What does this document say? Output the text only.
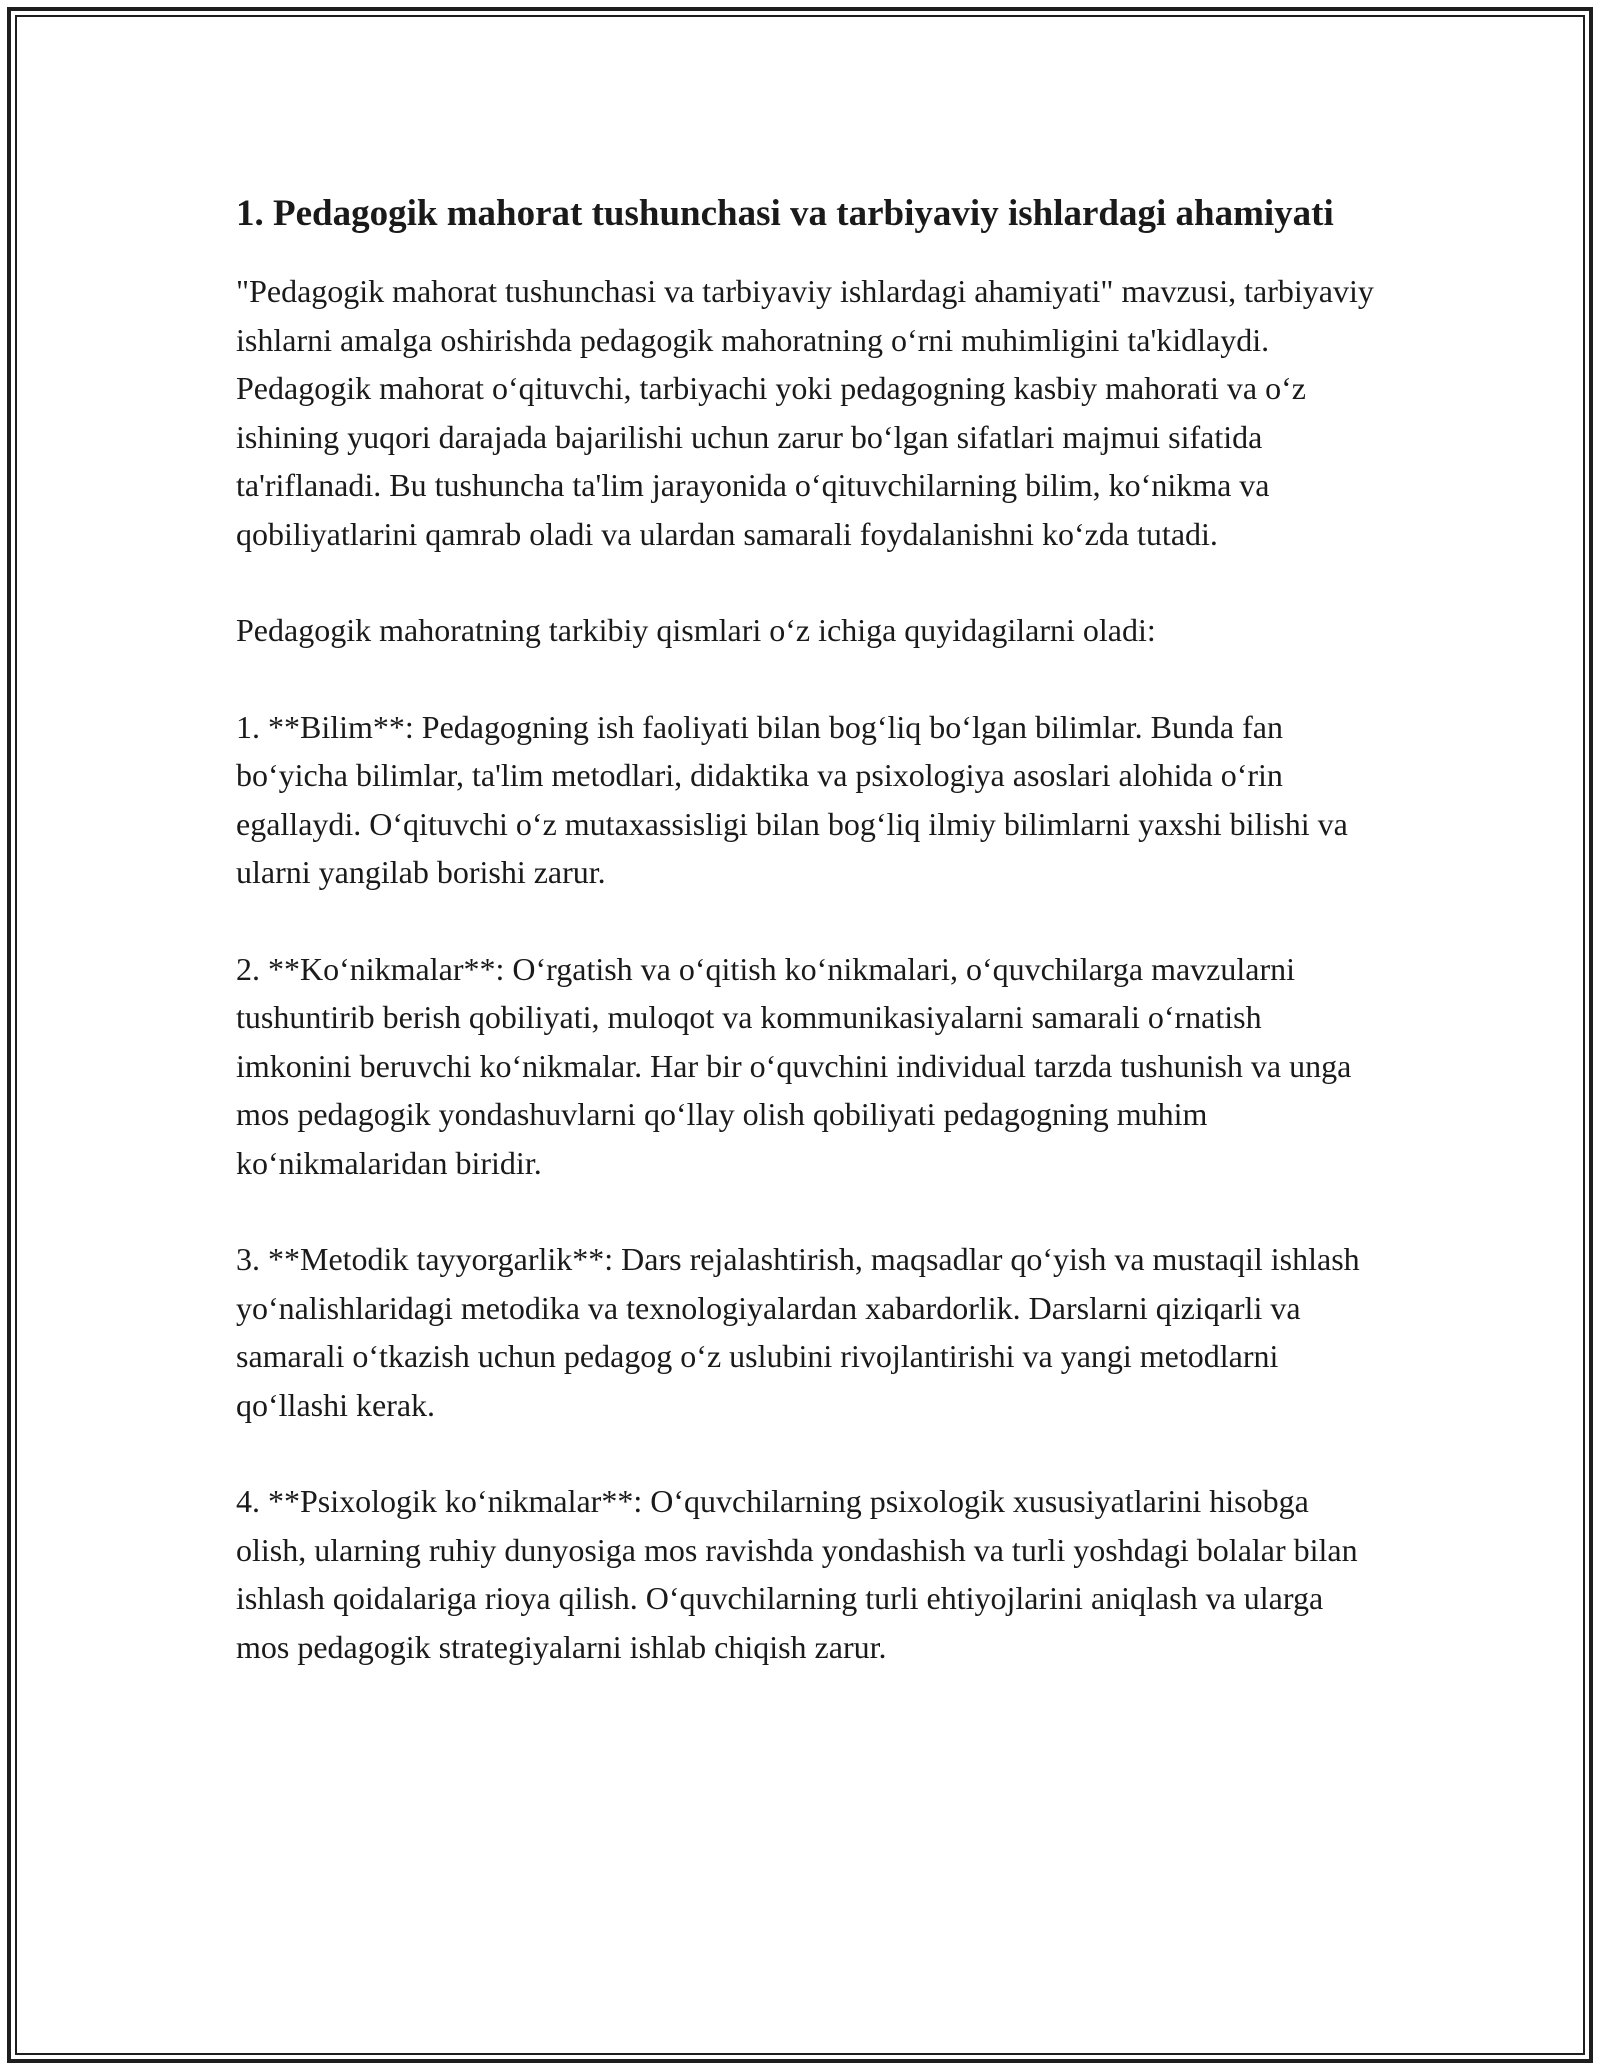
1. Pedagogik mahorat tushunchasi va tarbiyaviy ishlardagi ahamiyati

"Pedagogik mahorat tushunchasi va tarbiyaviy ishlardagi ahamiyati" mavzusi, tarbiyaviy ishlarni amalga oshirishda pedagogik mahoratning o‘rni muhimligini ta'kidlaydi. Pedagogik mahorat o‘qituvchi, tarbiyachi yoki pedagogning kasbiy mahorati va o‘z ishining yuqori darajada bajarilishi uchun zarur bo‘lgan sifatlari majmui sifatida ta'riflanadi. Bu tushuncha ta'lim jarayonida o‘qituvchilarning bilim, ko‘nikma va qobiliyatlarini qamrab oladi va ulardan samarali foydalanishni ko‘zda tutadi.

Pedagogik mahoratning tarkibiy qismlari o‘z ichiga quyidagilarni oladi:

1. **Bilim**: Pedagogning ish faoliyati bilan bog‘liq bo‘lgan bilimlar. Bunda fan bo‘yicha bilimlar, ta'lim metodlari, didaktika va psixologiya asoslari alohida o‘rin egallaydi. O‘qituvchi o‘z mutaxassisligi bilan bog‘liq ilmiy bilimlarni yaxshi bilishi va ularni yangilab borishi zarur.

2. **Ko‘nikmalar**: O‘rgatish va o‘qitish ko‘nikmalari, o‘quvchilarga mavzularni tushuntirib berish qobiliyati, muloqot va kommunikasiyalarni samarali o‘rnatish imkonini beruvchi ko‘nikmalar. Har bir o‘quvchini individual tarzda tushunish va unga mos pedagogik yondashuvlarni qo‘llay olish qobiliyati pedagogning muhim ko‘nikmalaridan biridir.

3. **Metodik tayyorgarlik**: Dars rejalashtirish, maqsadlar qo‘yish va mustaqil ishlash yo‘nalishlaridagi metodika va texnologiyalardan xabardorlik. Darslarni qiziqarli va samarali o‘tkazish uchun pedagog o‘z uslubini rivojlantirishi va yangi metodlarni qo‘llashi kerak.

4. **Psixologik ko‘nikmalar**: O‘quvchilarning psixologik xususiyatlarini hisobga olish, ularning ruhiy dunyosiga mos ravishda yondashish va turli yoshdagi bolalar bilan ishlash qoidalariga rioya qilish. O‘quvchilarning turli ehtiyojlarini aniqlash va ularga mos pedagogik strategiyalarni ishlab chiqish zarur.
